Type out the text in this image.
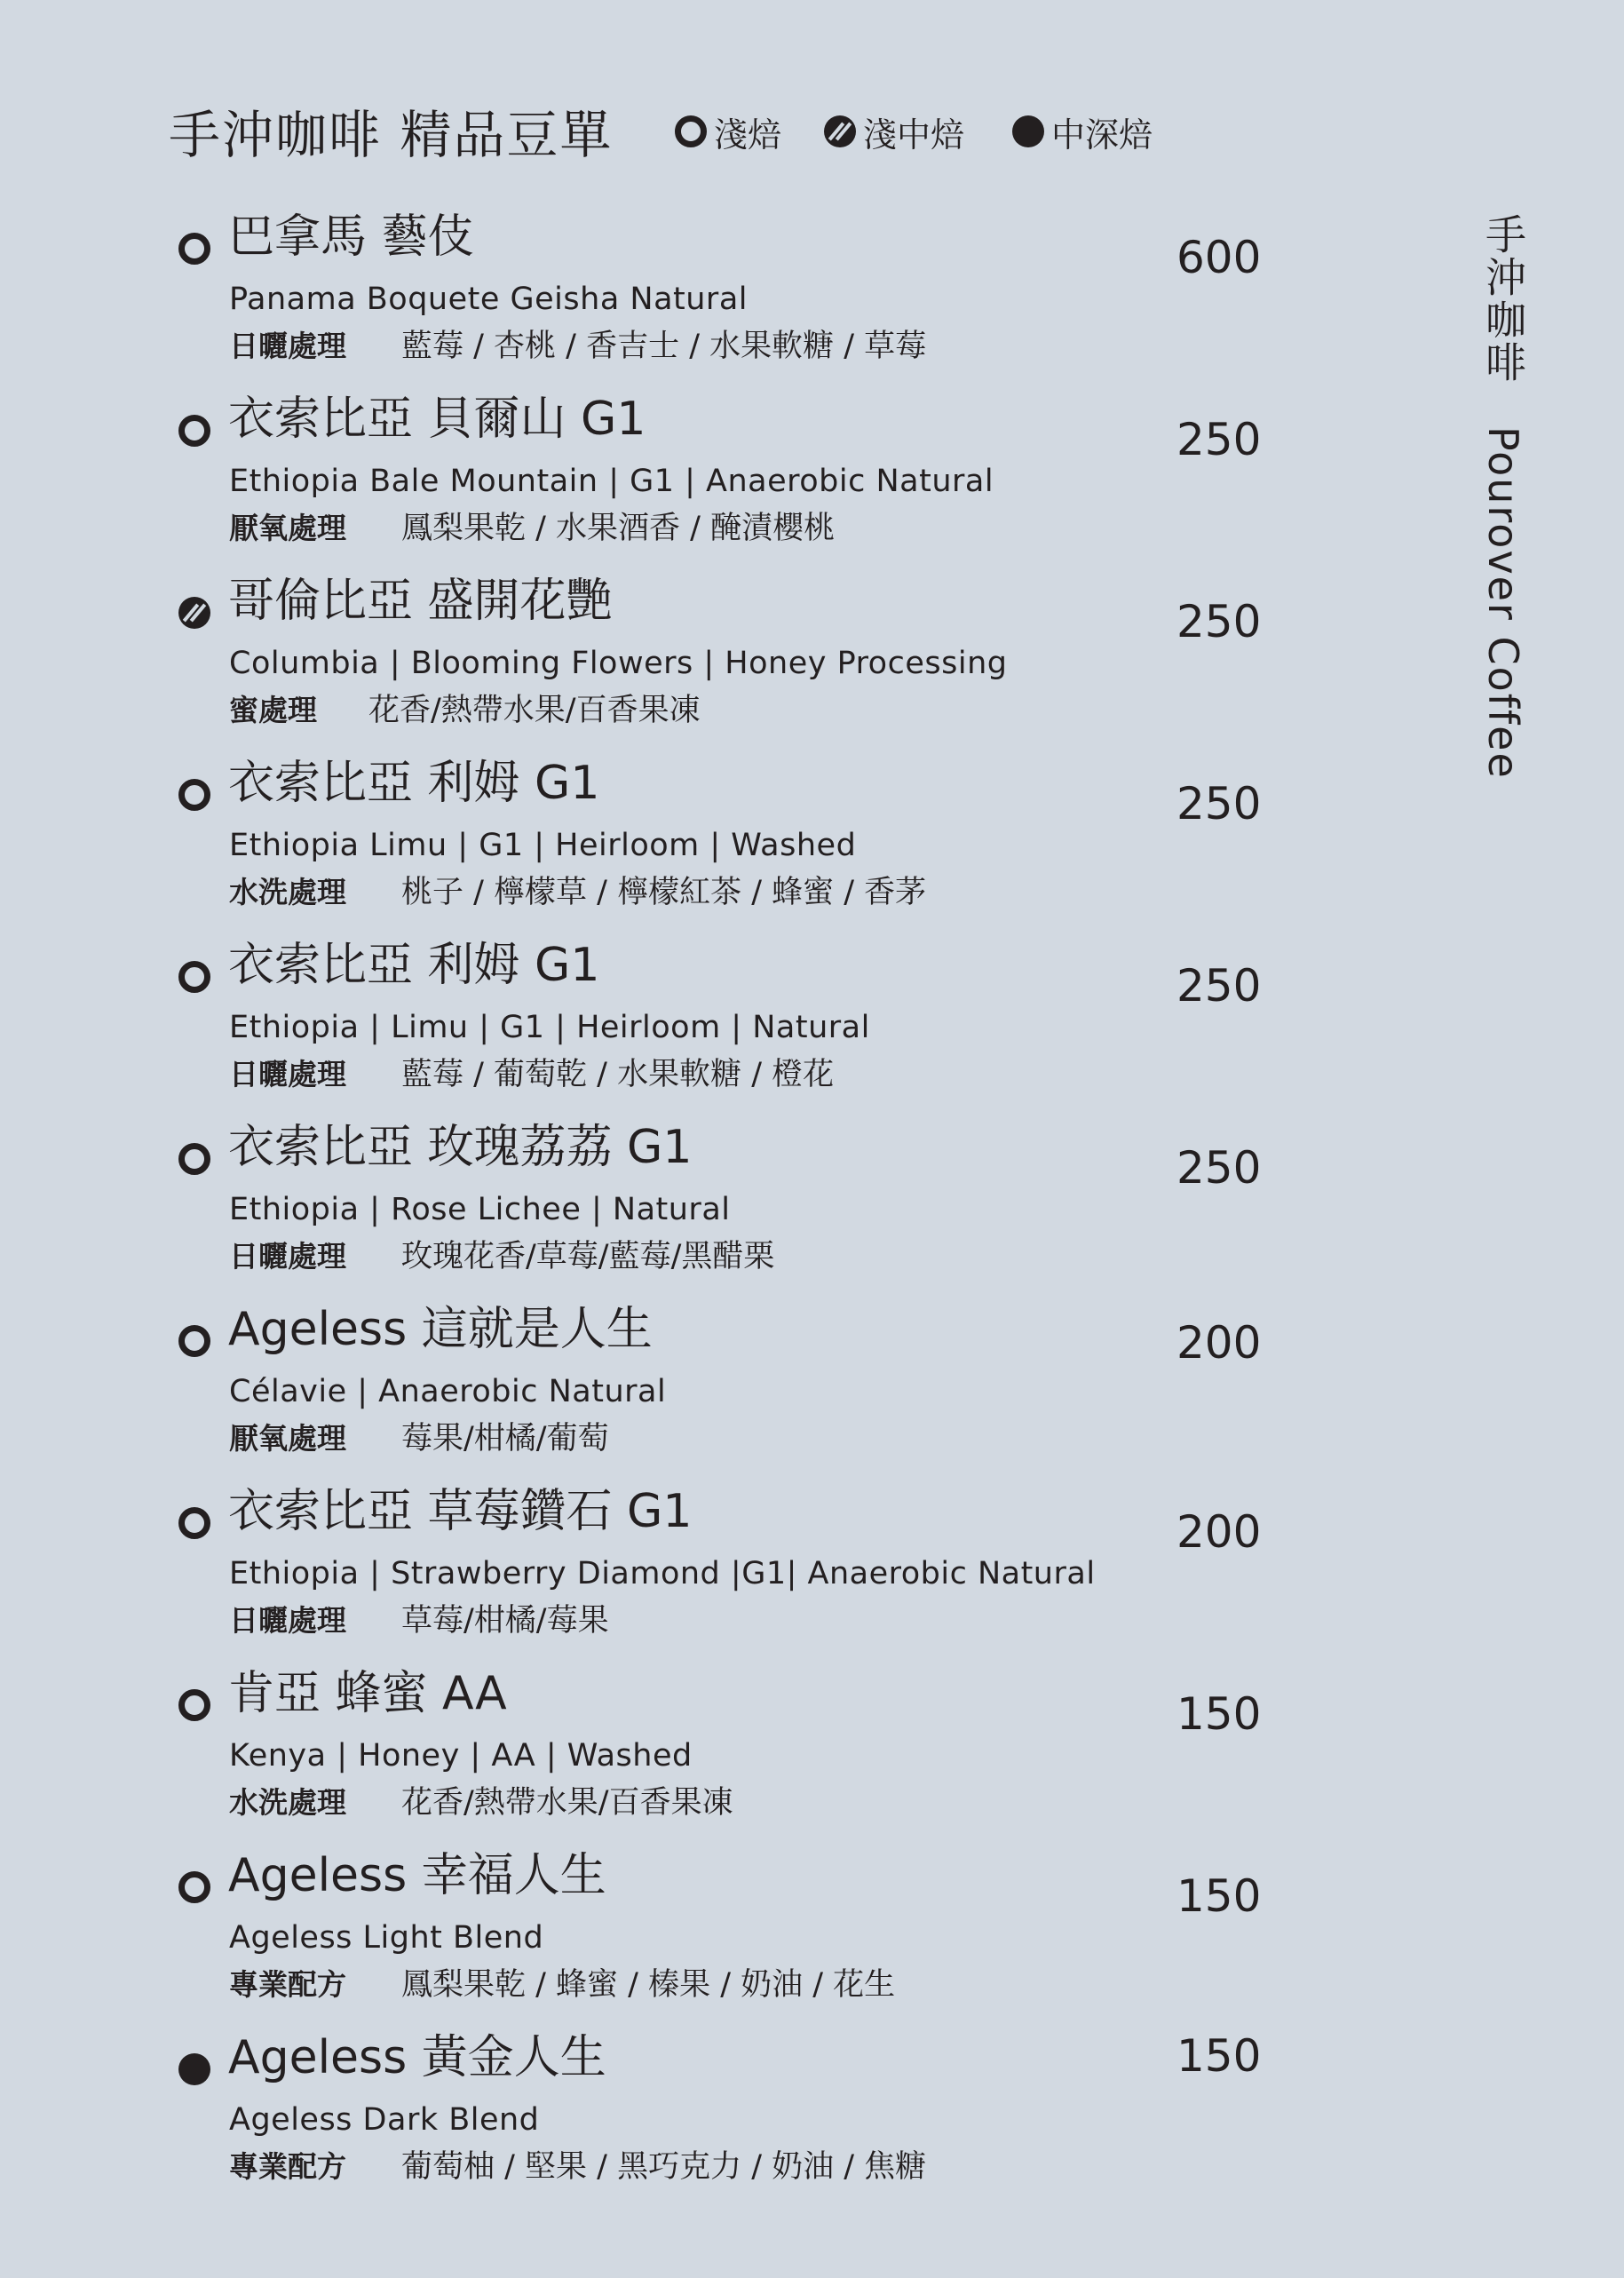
手沖咖啡 精品豆單	淺焙 淺中焙	中深焙
手沖咖啡　Pourover Coffee
巴拿馬 藝伎
Panama Boquete Geisha Natural
日曬處理 藍莓 / 杏桃 / 香吉士 / 水果軟糖 / 草莓
600
衣索比亞 貝爾山 G1
Ethiopia Bale Mountain | G1 | Anaerobic Natural
厭氧處理 鳳梨果乾 / 水果酒香 / 醃漬櫻桃
250
哥倫比亞 盛開花艷
Columbia | Blooming Flowers | Honey Processing
蜜處理 花香/熱帶水果/百香果凍
250
衣索比亞 利姆 G1
Ethiopia Limu | G1 | Heirloom | Washed
水洗處理 桃子 / 檸檬草 / 檸檬紅茶 / 蜂蜜 / 香茅
250
衣索比亞 利姆 G1
Ethiopia | Limu | G1 | Heirloom | Natural
日曬處理 藍莓 / 葡萄乾 / 水果軟糖 / 橙花
250
衣索比亞 玫瑰荔荔 G1
Ethiopia | Rose Lichee | Natural
日曬處理 玫瑰花香/草莓/藍莓/黑醋栗
250
Ageless 這就是人生
Célavie | Anaerobic Natural
厭氧處理 莓果/柑橘/葡萄
200
衣索比亞 草莓鑽石 G1
Ethiopia | Strawberry Diamond |G1| Anaerobic Natural
日曬處理 草莓/柑橘/莓果
200
肯亞 蜂蜜 AA
Kenya | Honey | AA | Washed
水洗處理 花香/熱帶水果/百香果凍
150
Ageless 幸福人生
Ageless Light Blend
專業配方 鳳梨果乾 / 蜂蜜 / 榛果 / 奶油 / 花生
150
Ageless 黃金人生
Ageless Dark Blend
專業配方 葡萄柚 / 堅果 / 黑巧克力 / 奶油 / 焦糖
150
